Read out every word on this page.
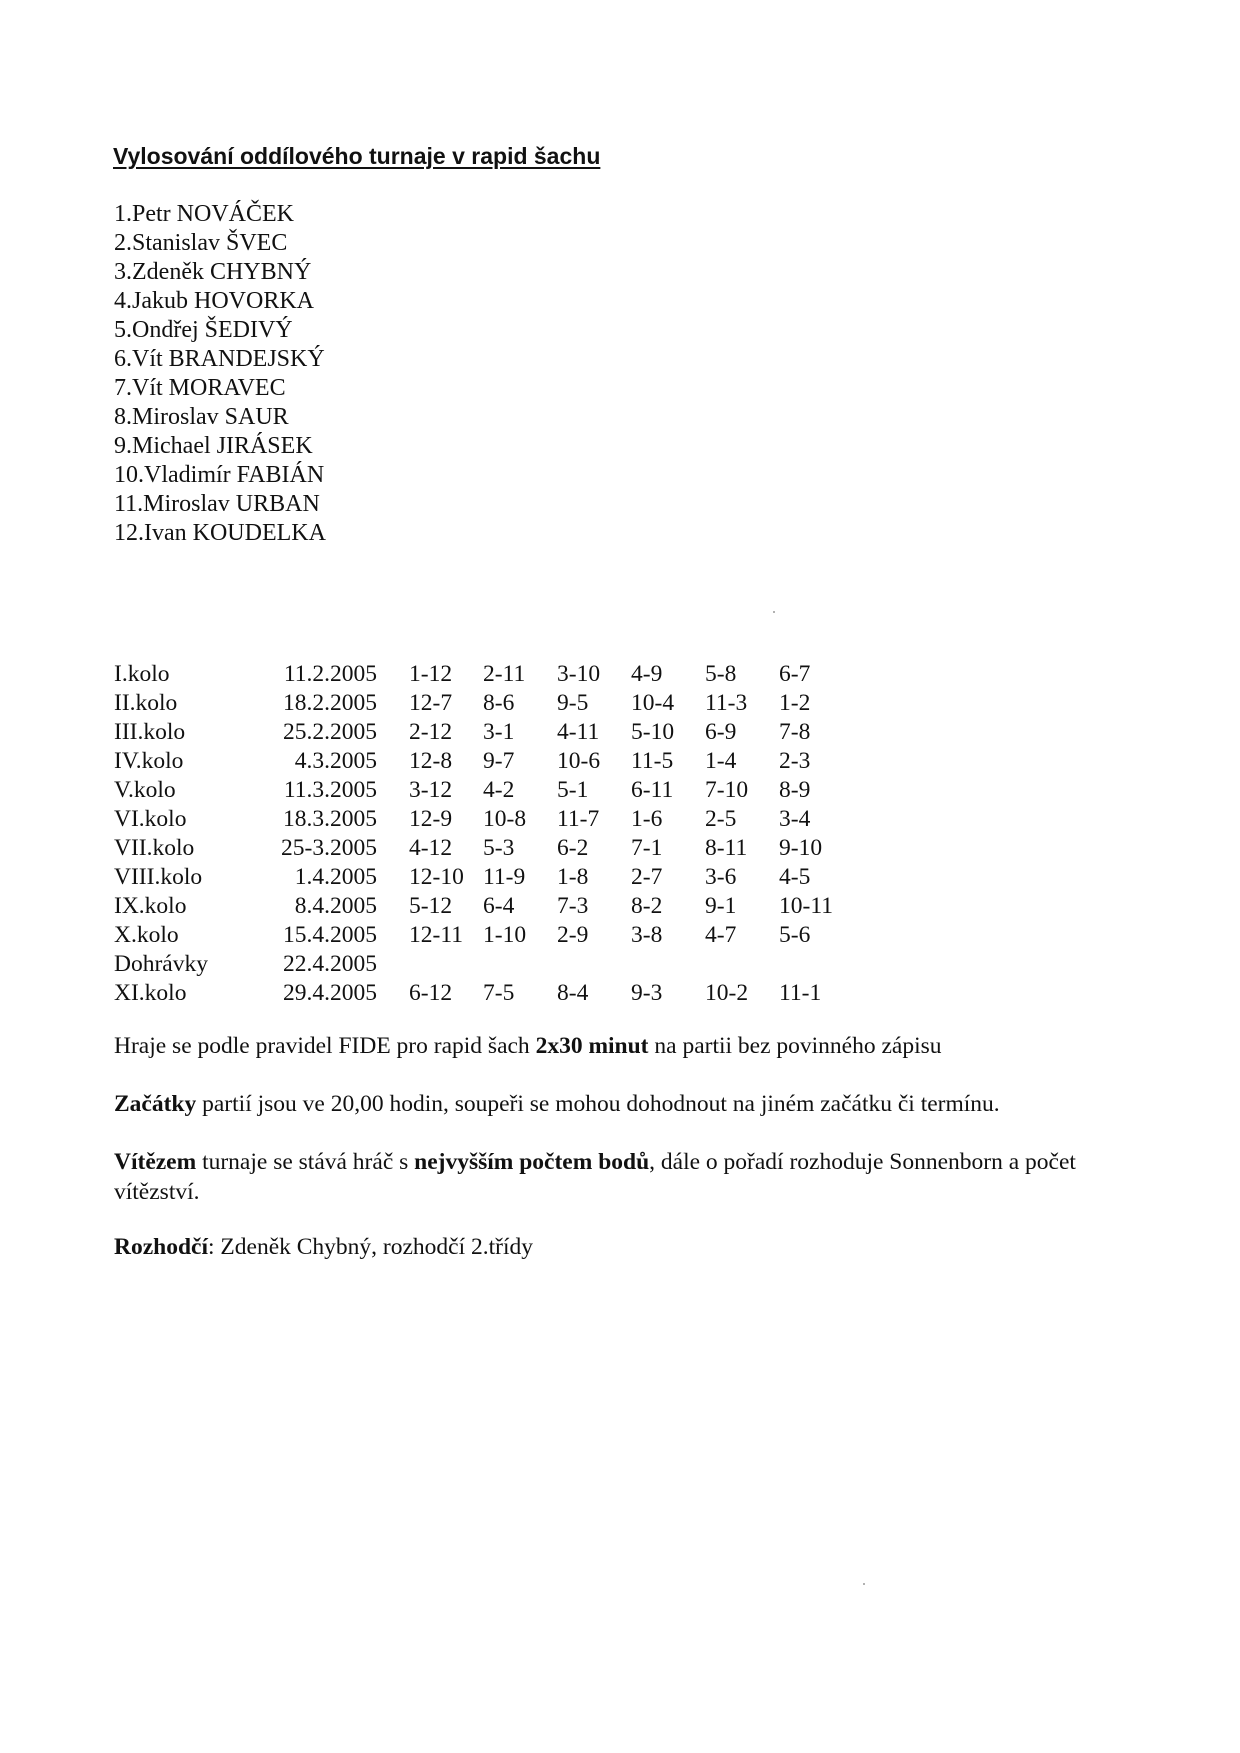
Vylosování oddílového turnaje v rapid šachu
1.Petr NOVÁČEK
2.Stanislav ŠVEC
3.Zdeněk CHYBNÝ
4.Jakub HOVORKA
5.Ondřej ŠEDIVÝ
6.Vít BRANDEJSKÝ
7.Vít MORAVEC
8.Miroslav SAUR
9.Michael JIRÁSEK
10.Vladimír FABIÁN
11.Miroslav URBAN
12.Ivan KOUDELKA
I.kolo	11.2.2005	1-12	2-11	3-10	4-9	5-8	6-7
II.kolo	18.2.2005	12-7	8-6	9-5	10-4	11-3	1-2
III.kolo	25.2.2005	2-12	3-1	4-11	5-10	6-9	7-8
IV.kolo	4.3.2005	12-8	9-7	10-6	11-5	1-4	2-3
V.kolo	11.3.2005	3-12	4-2	5-1	6-11	7-10	8-9
VI.kolo	18.3.2005	12-9	10-8	11-7	1-6	2-5	3-4
VII.kolo	25-3.2005	4-12	5-3	6-2	7-1	8-11	9-10
VIII.kolo	1.4.2005	12-10	11-9	1-8	2-7	3-6	4-5
IX.kolo	8.4.2005	5-12	6-4	7-3	8-2	9-1	10-11
X.kolo	15.4.2005	12-11	1-10	2-9	3-8	4-7	5-6
Dohrávky	22.4.2005						
XI.kolo	29.4.2005	6-12	7-5	8-4	9-3	10-2	11-1

Hraje se podle pravidel FIDE pro rapid šach 2x30 minut na partii bez povinného zápisu

Začátky partií jsou ve 20,00 hodin, soupeři se mohou dohodnout na jiném začátku či termínu.

Vítězem turnaje se stává hráč s nejvyšším počtem bodů, dále o pořadí rozhoduje Sonnenborn a počet vítězství.

Rozhodčí: Zdeněk Chybný, rozhodčí 2.třídy
